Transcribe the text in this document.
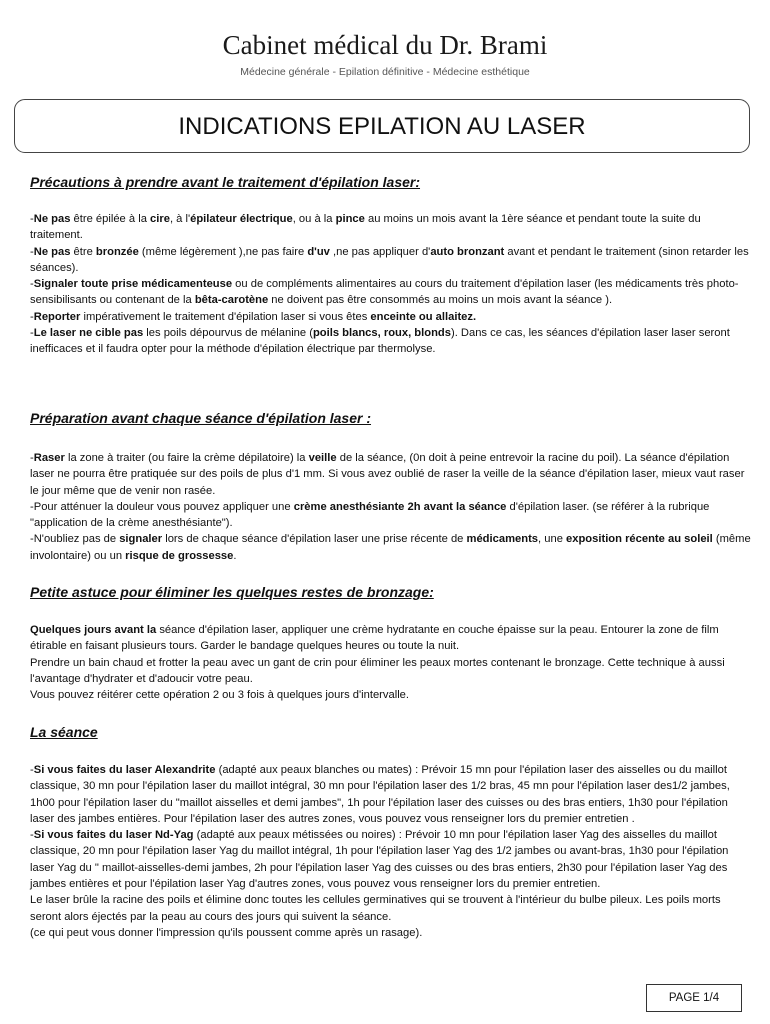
Cabinet médical du Dr. Brami
Médecine générale - Epilation définitive - Médecine esthétique
INDICATIONS EPILATION AU LASER
Précautions à prendre avant le traitement d'épilation laser:

-Ne pas être épilée à la cire, à l'épilateur électrique, ou à la pince au moins un mois avant la 1ère séance et pendant toute la suite du traitement.

-Ne pas être bronzée (même légèrement ),ne pas faire d'uv ,ne pas appliquer d'auto bronzant avant et pendant le traitement (sinon retarder les séances).

-Signaler toute prise médicamenteuse ou de compléments alimentaires au cours du traitement d'épilation laser (les médicaments très photo-sensibilisants ou contenant de la bêta-carotène ne doivent pas être consommés au moins un mois avant la séance ).

-Reporter impérativement le traitement d'épilation laser si vous êtes enceinte ou allaitez.

-Le laser ne cible pas les poils dépourvus de mélanine (poils blancs, roux, blonds). Dans ce cas, les séances d'épilation laser laser seront inefficaces et il faudra opter pour la méthode d'épilation électrique par thermolyse.

Préparation avant chaque séance d'épilation laser :

-Raser la zone à traiter (ou faire la crème dépilatoire) la veille de la séance, (0n doit à peine entrevoir la racine du poil). La séance d'épilation laser ne pourra être pratiquée sur des poils de plus d'1 mm. Si vous avez oublié de raser la veille de la séance d'épilation laser, mieux vaut raser le jour même que de venir non rasée.

-Pour atténuer la douleur vous pouvez appliquer une crème anesthésiante 2h avant la séance d'épilation laser. (se référer à la rubrique "application de la crème anesthésiante").

-N'oubliez pas de signaler lors de chaque séance d'épilation laser une prise récente de médicaments, une exposition récente au soleil (même involontaire) ou un risque de grossesse.

Petite astuce pour éliminer les quelques restes de bronzage:

Quelques jours avant la séance d'épilation laser, appliquer une crème hydratante en couche épaisse sur la peau. Entourer la zone de film étirable en faisant plusieurs tours. Garder le bandage quelques heures ou toute la nuit.

Prendre un bain chaud et frotter la peau avec un gant de crin pour éliminer les peaux mortes contenant le bronzage. Cette technique à aussi l'avantage d'hydrater et d'adoucir votre peau.

Vous pouvez réitérer cette opération 2 ou 3 fois à quelques jours d'intervalle.

La séance

-Si vous faites du laser Alexandrite (adapté aux peaux blanches ou mates) : Prévoir 15 mn pour l'épilation laser des aisselles ou du maillot classique, 30 mn pour l'épilation laser du maillot intégral, 30 mn pour l'épilation laser des 1/2 bras, 45 mn pour l'épilation laser des1/2 jambes, 1h00 pour l'épilation laser du "maillot aisselles et demi jambes", 1h pour l'épilation laser des cuisses ou des bras entiers, 1h30 pour l'épilation laser des jambes entières. Pour l'épilation laser des autres zones, vous pouvez vous renseigner lors du premier entretien .

-Si vous faites du laser Nd-Yag (adapté aux peaux métissées ou noires) : Prévoir 10 mn pour l'épilation laser Yag des aisselles du maillot classique, 20 mn pour l'épilation laser Yag du maillot intégral, 1h pour l'épilation laser Yag des 1/2 jambes ou avant-bras, 1h30 pour l'épilation laser Yag du " maillot-aisselles-demi jambes, 2h pour l'épilation laser Yag des cuisses ou des bras entiers, 2h30 pour l'épilation laser Yag des jambes entières et pour l'épilation laser Yag d'autres zones, vous pouvez vous renseigner lors du premier entretien.

Le laser brûle la racine des poils et élimine donc toutes les cellules germinatives qui se trouvent à l'intérieur du bulbe pileux. Les poils morts seront alors éjectés par la peau au cours des jours qui suivent la séance.

(ce qui peut vous donner l'impression qu'ils poussent comme après un rasage).

PAGE 1/4
